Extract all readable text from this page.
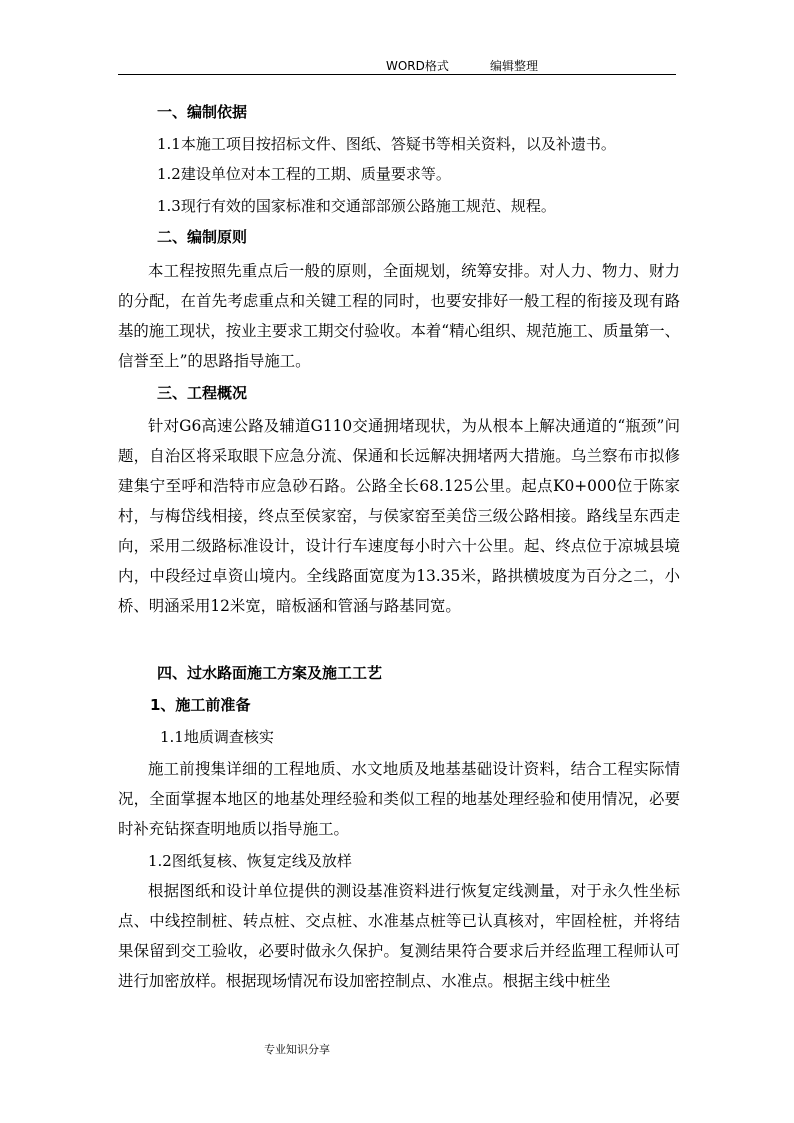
WORD格式	编辑整理
一、编制依据
1.1本施工项目按招标文件、图纸、答疑书等相关资料，以及补遗书。
1.2建设单位对本工程的工期、质量要求等。
1.3现行有效的国家标准和交通部部颁公路施工规范、规程。
二、编制原则

本工程按照先重点后一般的原则，全面规划，统筹安排。对人力、物力、财力的分配，在首先考虑重点和关键工程的同时，也要安排好一般工程的衔接及现有路基的施工现状，按业主要求工期交付验收。本着“精心组织、规范施工、质量第一、信誉至上”的思路指导施工。

三、工程概况

针对G6高速公路及辅道G110交通拥堵现状，为从根本上解决通道的“瓶颈”问题，自治区将采取眼下应急分流、保通和长远解决拥堵两大措施。乌兰察布市拟修建集宁至呼和浩特市应急砂石路。公路全长68.125公里。起点K0+000位于陈家村，与梅岱线相接，终点至侯家窑，与侯家窑至美岱三级公路相接。路线呈东西走向，采用二级路标准设计，设计行车速度每小时六十公里。起、终点位于凉城县境内，中段经过卓资山境内。全线路面宽度为13.35米，路拱横坡度为百分之二，小桥、明涵采用12米宽，暗板涵和管涵与路基同宽。

四、过水路面施工方案及施工工艺
1、施工前准备
1.1地质调查核实

施工前搜集详细的工程地质、水文地质及地基基础设计资料，结合工程实际情况，全面掌握本地区的地基处理经验和类似工程的地基处理经验和使用情况，必要时补充钻探查明地质以指导施工。

1.2图纸复核、恢复定线及放样

根据图纸和设计单位提供的测设基准资料进行恢复定线测量，对于永久性坐标点、中线控制桩、转点桩、交点桩、水准基点桩等已认真核对，牢固栓桩，并将结果保留到交工验收，必要时做永久保护。复测结果符合要求后并经监理工程师认可进行加密放样。根据现场情况布设加密控制点、水准点。根据主线中桩坐

专业知识分享
